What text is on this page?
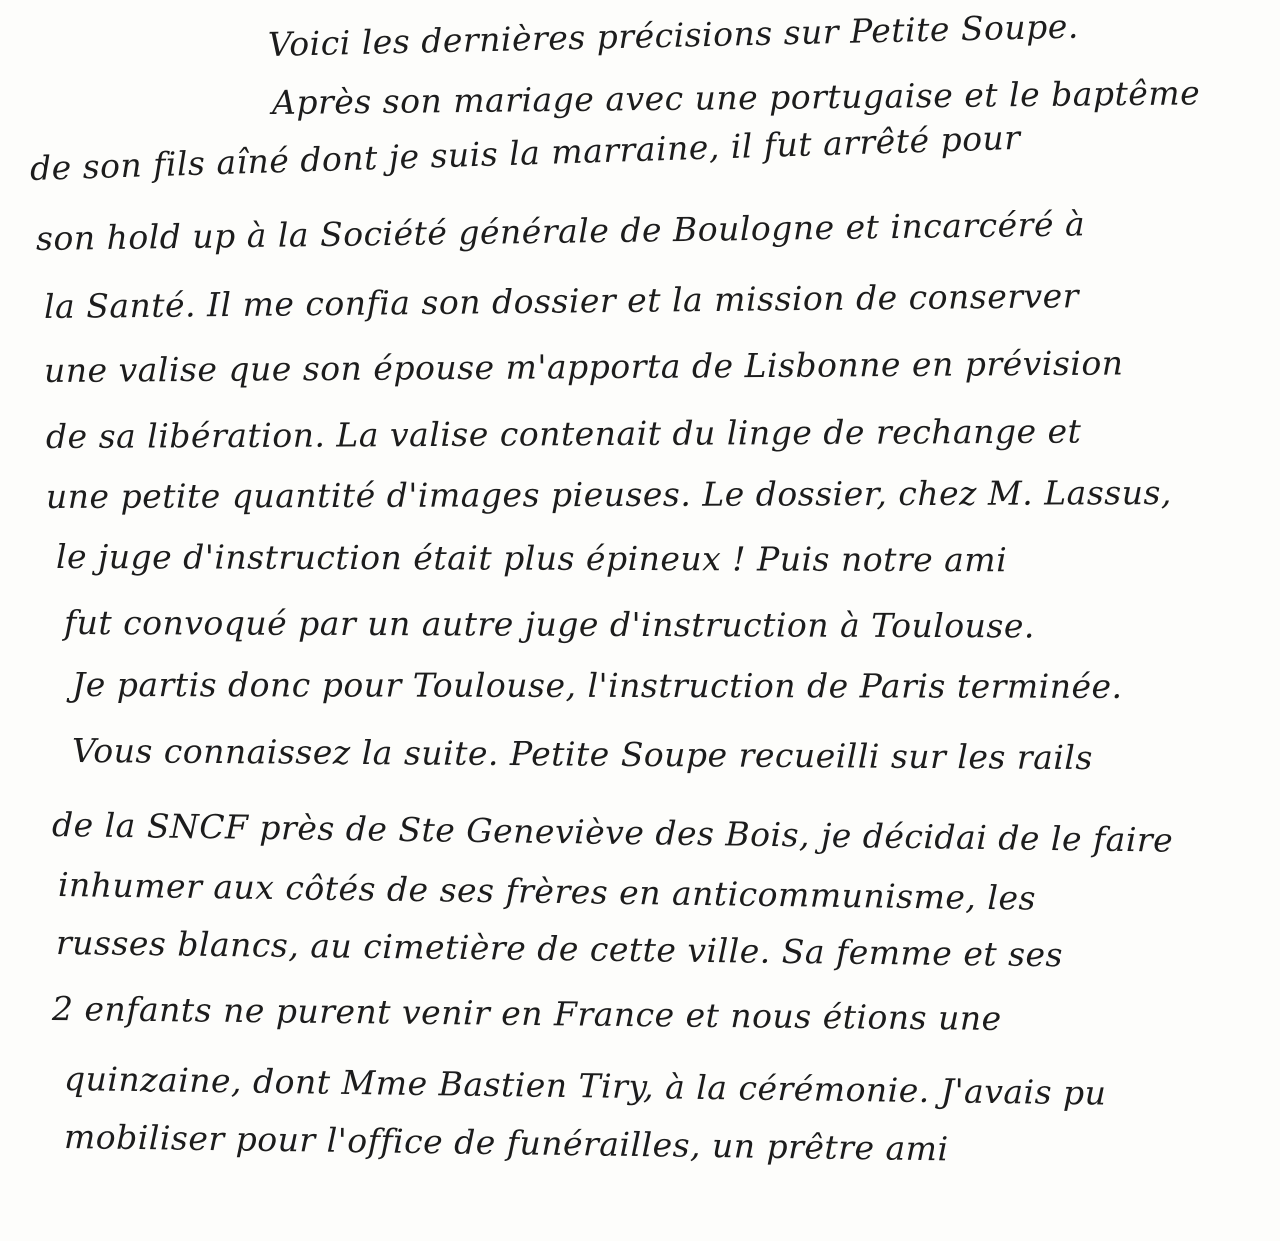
Voici les dernières précisions sur Petite Soupe.
Après son mariage avec une portugaise et le baptême
de son fils aîné dont je suis la marraine, il fut arrêté pour
son hold up à la Société générale de Boulogne et incarcéré à
la Santé. Il me confia son dossier et la mission de conserver
une valise que son épouse m'apporta de Lisbonne en prévision
de sa libération. La valise contenait du linge de rechange et
une petite quantité d'images pieuses. Le dossier, chez M. Lassus,
le juge d'instruction était plus épineux ! Puis notre ami
fut convoqué par un autre juge d'instruction à Toulouse.
Je partis donc pour Toulouse, l'instruction de Paris terminée.
Vous connaissez la suite. Petite Soupe recueilli sur les rails
de la SNCF près de Ste Geneviève des Bois, je décidai de le faire
inhumer aux côtés de ses frères en anticommunisme, les
russes blancs, au cimetière de cette ville. Sa femme et ses
2 enfants ne purent venir en France et nous étions une
quinzaine, dont Mme Bastien Tiry, à la cérémonie. J'avais pu
mobiliser pour l'office de funérailles, un prêtre ami
